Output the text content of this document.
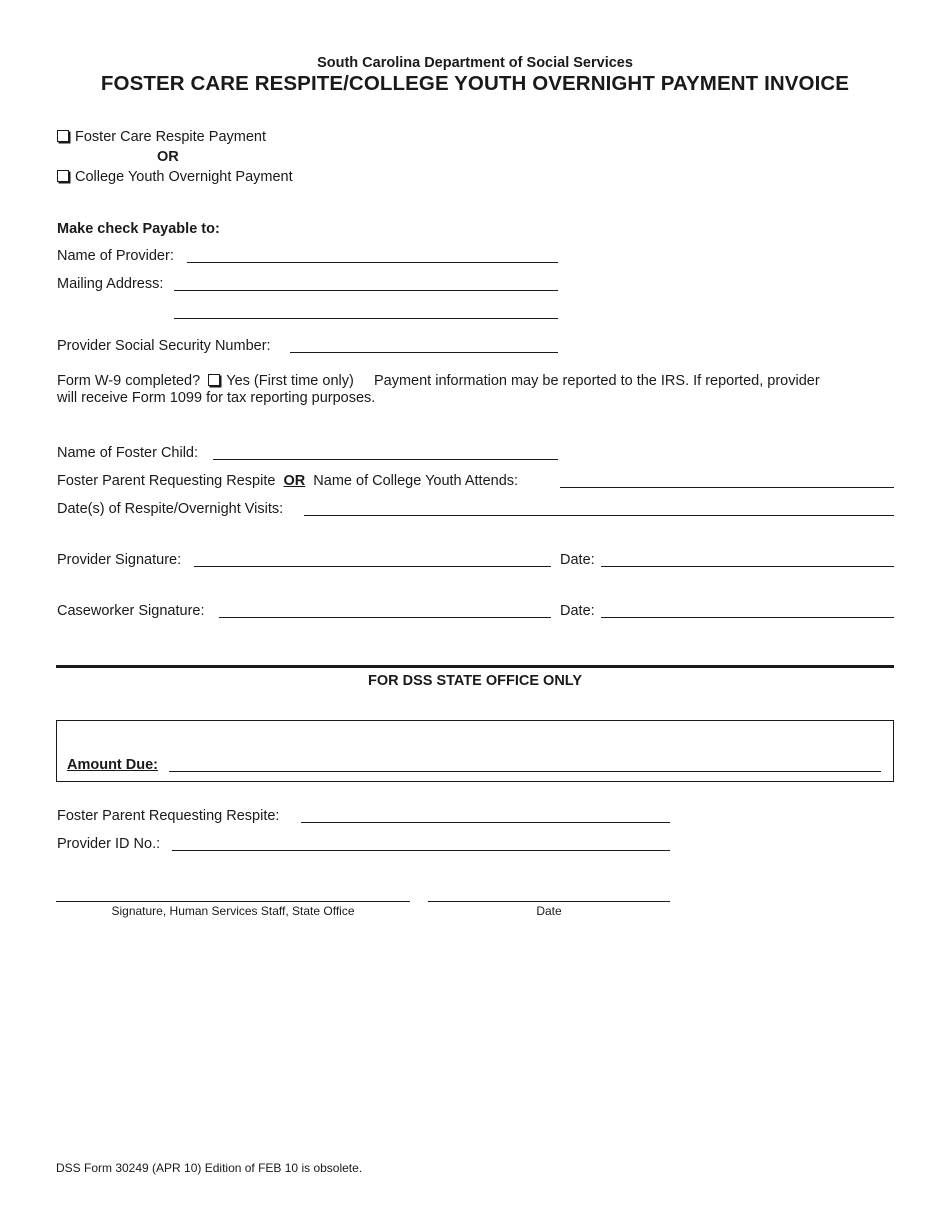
South Carolina Department of Social Services
FOSTER CARE RESPITE/COLLEGE YOUTH OVERNIGHT PAYMENT INVOICE
Foster Care Respite Payment
OR
College Youth Overnight Payment
Make check Payable to:
Name of Provider:
Mailing Address:
Provider Social Security Number:
Form W-9 completed? Yes (First time only) Payment information may be reported to the IRS. If reported, provider
will receive Form 1099 for tax reporting purposes.
Name of Foster Child:
Foster Parent Requesting Respite OR Name of College Youth Attends:
Date(s) of Respite/Overnight Visits:
Provider Signature:	Date:
Caseworker Signature:	Date:
FOR DSS STATE OFFICE ONLY
Amount Due:
Foster Parent Requesting Respite:
Provider ID No.:
Signature, Human Services Staff, State Office	Date
DSS Form 30249 (APR 10) Edition of FEB 10 is obsolete.
